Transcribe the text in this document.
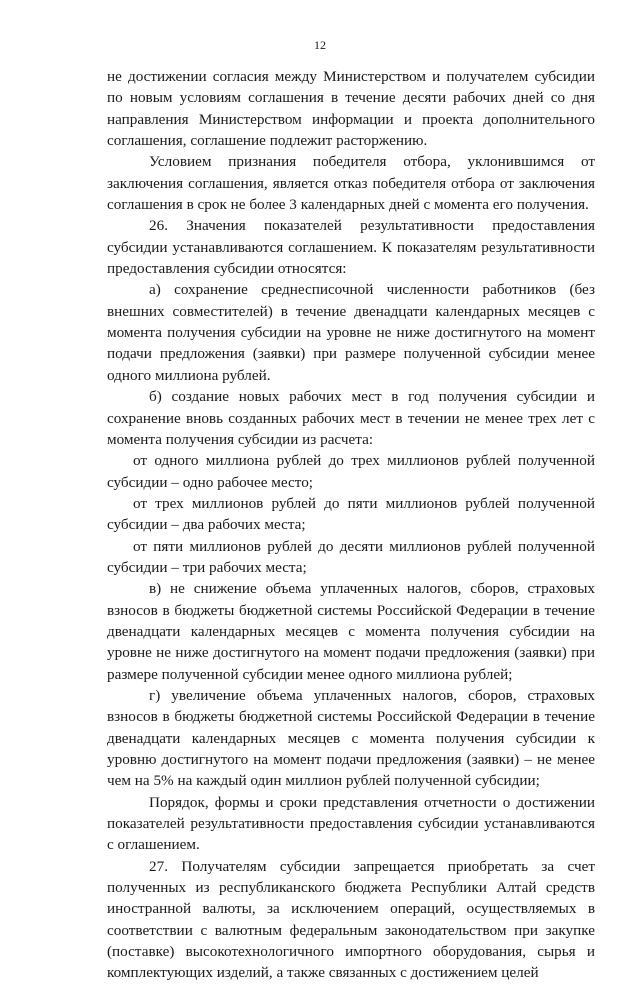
12

не достижении согласия между Министерством и получателем субсидии по новым условиям соглашения в течение десяти рабочих дней со дня направления Министерством информации и проекта дополнительного соглашения, соглашение подлежит расторжению.

Условием признания победителя отбора, уклонившимся от заключения соглашения, является отказ победителя отбора от заключения соглашения в срок не более 3 календарных дней с момента его получения.

26. Значения показателей результативности предоставления субсидии устанавливаются соглашением. К показателям результативности предоставления субсидии относятся:

а) сохранение среднесписочной численности работников (без внешних совместителей) в течение двенадцати календарных месяцев с момента получения субсидии на уровне не ниже достигнутого на момент подачи предложения (заявки) при размере полученной субсидии менее одного миллиона рублей.

б) создание новых рабочих мест в год получения субсидии и сохранение вновь созданных рабочих мест в течении не менее трех лет с момента получения субсидии из расчета:

от одного миллиона рублей до трех миллионов рублей полученной субсидии – одно рабочее место;

от трех миллионов рублей до пяти миллионов рублей полученной субсидии – два рабочих места;

от пяти миллионов рублей до десяти миллионов рублей полученной субсидии – три рабочих места;

в) не снижение объема уплаченных налогов, сборов, страховых взносов в бюджеты бюджетной системы Российской Федерации в течение двенадцати календарных месяцев с момента получения субсидии на уровне не ниже достигнутого на момент подачи предложения (заявки) при размере полученной субсидии менее одного миллиона рублей;

г) увеличение объема уплаченных налогов, сборов, страховых взносов в бюджеты бюджетной системы Российской Федерации в течение двенадцати календарных месяцев с момента получения субсидии к уровню достигнутого на момент подачи предложения (заявки) – не менее чем на 5% на каждый один миллион рублей полученной субсидии;

Порядок, формы и сроки представления отчетности о достижении показателей результативности предоставления субсидии устанавливаются с оглашением.

27. Получателям субсидии запрещается приобретать за счет полученных из республиканского бюджета Республики Алтай средств иностранной валюты, за исключением операций, осуществляемых в соответствии с валютным федеральным законодательством при закупке (поставке) высокотехнологичного импортного оборудования, сырья и комплектующих изделий, а также связанных с достижением целей
